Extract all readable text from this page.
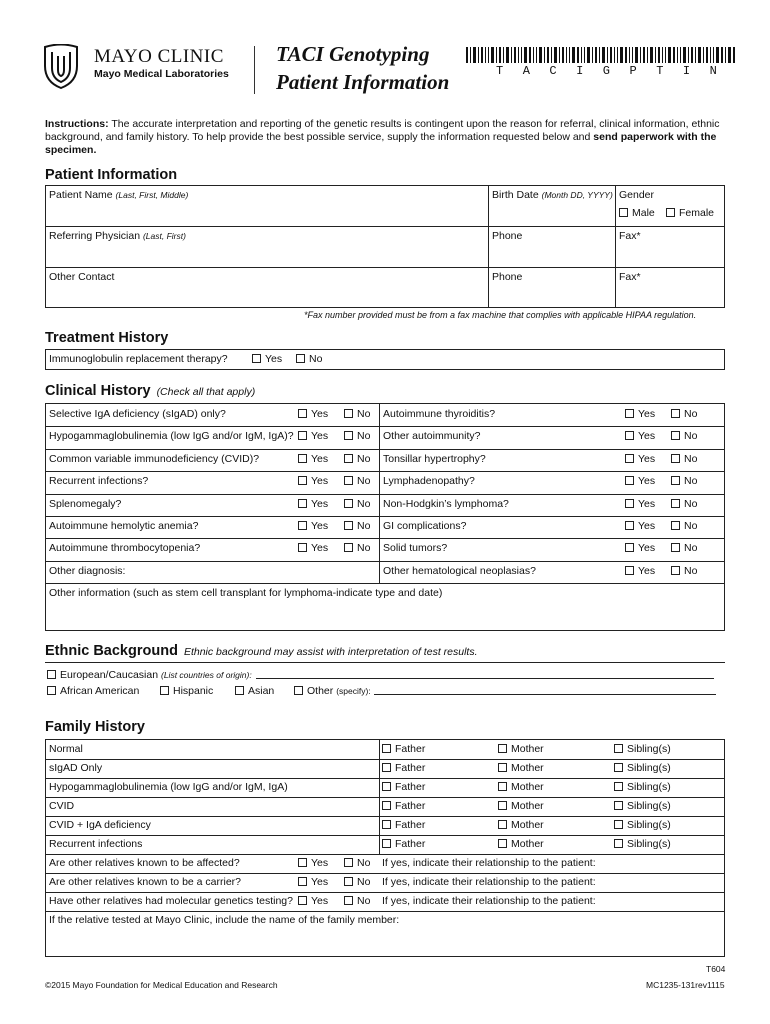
MAYO CLINIC
Mayo Medical Laboratories
TACI Genotyping
Patient Information	TACIGPTIN
Instructions: The accurate interpretation and reporting of the genetic results is contingent upon the reason for referral, clinical information, ethnic background, and family history. To help provide the best possible service, supply the information requested below and send paperwork with the specimen.
Patient Information
Patient Name (Last, First, Middle)	Birth Date (Month DD, YYYY) Gender
Male	Female
Referring Physician (Last, First)	Phone	Fax*
Other Contact	Phone	Fax*
*Fax number provided must be from a fax machine that complies with applicable HIPAA regulation.
Treatment History
Immunoglobulin replacement therapy?	Yes	No
Clinical History (Check all that apply)
Selective IgA deficiency (sIgAD) only?	Yes	No Autoimmune thyroiditis?	Yes	No
Hypogammaglobulinemia (low IgG and/or IgM, IgA)?	Yes	No Other autoimmunity?	Yes	No
Common variable immunodeficiency (CVID)?	Yes	No Tonsillar hypertrophy?	Yes	No
Recurrent infections?	Yes	No Lymphadenopathy?	Yes	No
Splenomegaly?	Yes	No Non-Hodgkin’s lymphoma?	Yes	No
Autoimmune hemolytic anemia?	Yes	No GI complications?	Yes	No
Autoimmune thrombocytopenia?	Yes	No Solid tumors?	Yes	No
Other diagnosis:	Other hematological neoplasias?	Yes	No
Other information (such as stem cell transplant for lymphoma-indicate type and date)
Ethnic Background Ethnic background may assist with interpretation of test results.
European/Caucasian (List countries of origin):
African American	Hispanic	Asian	Other (specify):
Family History
Normal	Father	Mother	Sibling(s)
sIgAD Only	Father	Mother	Sibling(s)
Hypogammaglobulinemia (low IgG and/or IgM, IgA)	Father	Mother	Sibling(s)
CVID	Father	Mother	Sibling(s)
CVID + IgA deficiency	Father	Mother	Sibling(s)
Recurrent infections	Father	Mother	Sibling(s)
Are other relatives known to be affected?	Yes	No If yes, indicate their relationship to the patient:
Are other relatives known to be a carrier?	Yes	No If yes, indicate their relationship to the patient:
Have other relatives had molecular genetics testing?	Yes	No If yes, indicate their relationship to the patient:
If the relative tested at Mayo Clinic, include the name of the family member:
T604
©2015 Mayo Foundation for Medical Education and Research	MC1235-131rev1115
